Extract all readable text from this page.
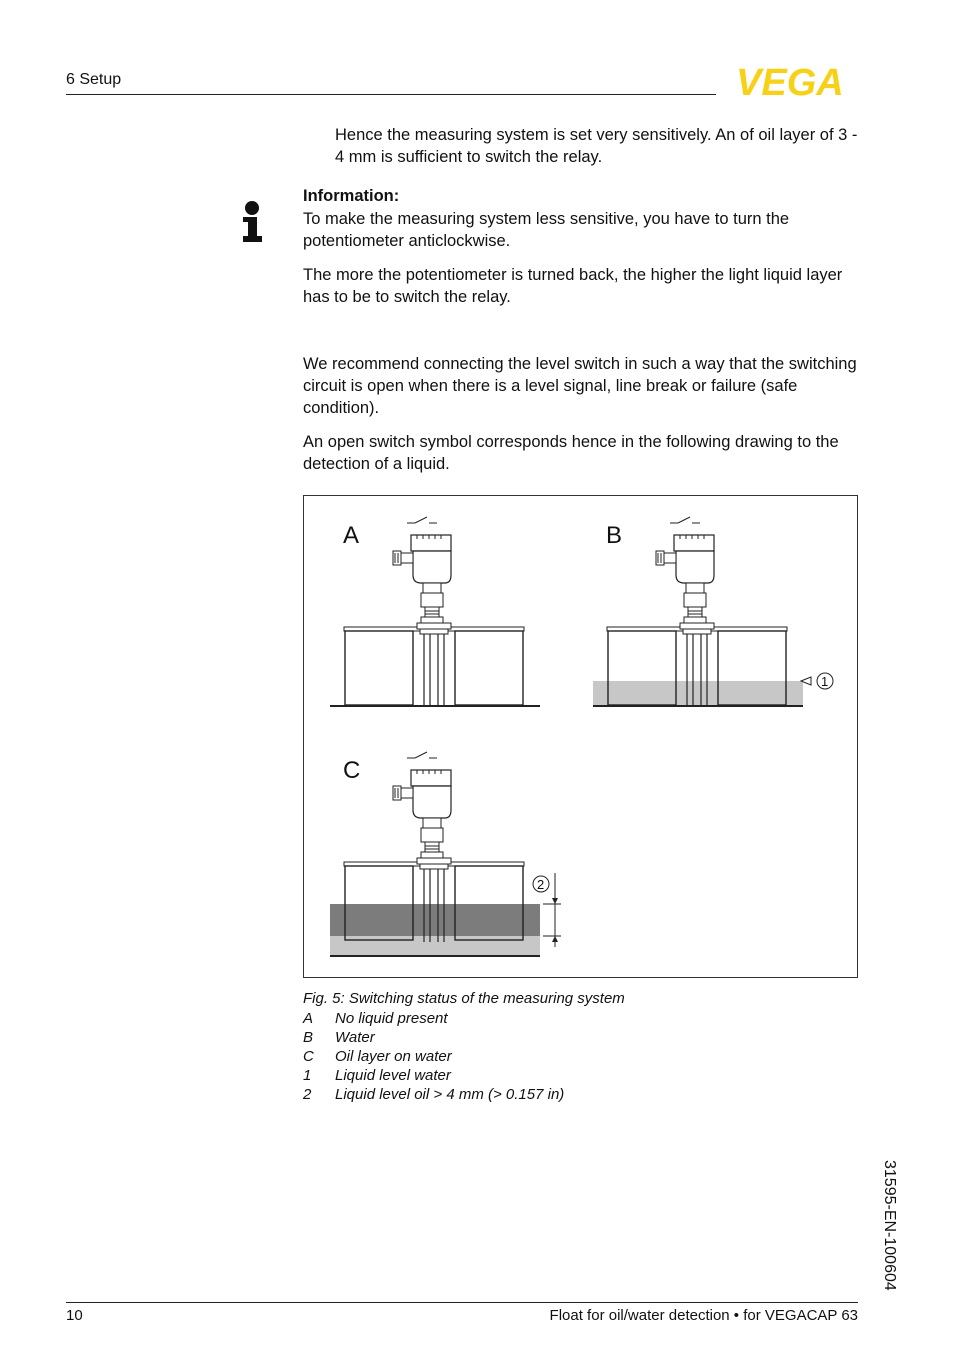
6 Setup	VEGA
Hence the measuring system is set very sensitively. An of oil layer of 3 - 4 mm is sufficient to switch the relay.
Information:
To make the measuring system less sensitive, you have to turn the potentiometer anticlockwise.
The more the potentiometer is turned back, the higher the light liquid layer has to be to switch the relay.
We recommend connecting the level switch in such a way that the switching circuit is open when there is a level signal, line break or failure (safe condition).
An open switch symbol corresponds hence in the following drawing to the detection of a liquid.
A	B
1
C
2
Fig. 5: Switching status of the measuring system
A	No liquid present
B	Water
C	Oil layer on water
1	Liquid level water
2	Liquid level oil > 4 mm (> 0.157 in)
31595-EN-100604
10	Float for oil/water detection • for VEGACAP 63
